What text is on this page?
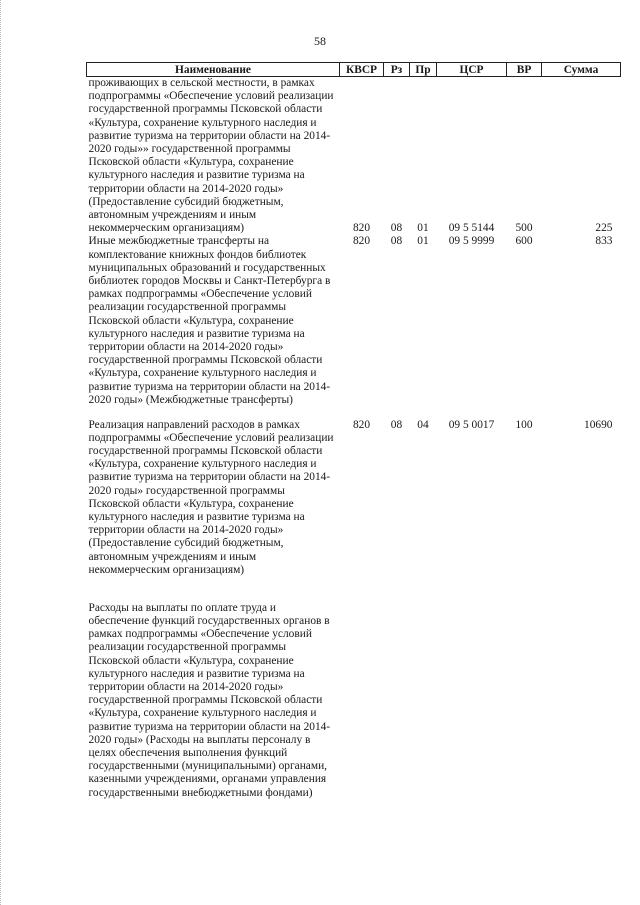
58
Наименование	КВСР	Рз	Пр	ЦСР	ВР	Сумма
проживающих в сельской местности, в рамках подпрограммы «Обеспечение условий реализации государственной программы Псковской области «Культура, сохранение культурного наследия и развитие туризма на территории области на 2014-2020 годы»» государственной программы Псковской области «Культура, сохранение культурного наследия и развитие туризма на территории области на 2014-2020 годы» (Предоставление субсидий бюджетным, автономным учреждениям и иным некоммерческим организациям)	820	08	01	09 5 5144	500	225
Иные межбюджетные трансферты на комплектование книжных фондов библиотек муниципальных образований и государственных библиотек городов Москвы и Санкт-Петербурга в рамках подпрограммы «Обеспечение условий реализации государственной программы Псковской области «Культура, сохранение культурного наследия и развитие туризма на территории области на 2014-2020 годы» государственной программы Псковской области «Культура, сохранение культурного наследия и развитие туризма на территории области на 2014-2020 годы» (Межбюджетные трансферты)	820	08	01	09 5 9999	600	833
Реализация направлений расходов в рамках подпрограммы «Обеспечение условий реализации государственной программы Псковской области «Культура, сохранение культурного наследия и развитие туризма на территории области на 2014-2020 годы» государственной программы Псковской области «Культура, сохранение культурного наследия и развитие туризма на территории области на 2014-2020 годы» (Предоставление субсидий бюджетным, автономным учреждениям и иным некоммерческим организациям)	820	08	04	09 5 0017	100	10690
Расходы на выплаты по оплате труда и обеспечение функций государственных органов в рамках подпрограммы «Обеспечение условий реализации государственной программы Псковской области «Культура, сохранение культурного наследия и развитие туризма на территории области на 2014-2020 годы» государственной программы Псковской области «Культура, сохранение культурного наследия и развитие туризма на территории области на 2014-2020 годы» (Расходы на выплаты персоналу в целях обеспечения выполнения функций государственными (муниципальными) органами, казенными учреждениями, органами управления государственными внебюджетными фондами)						
